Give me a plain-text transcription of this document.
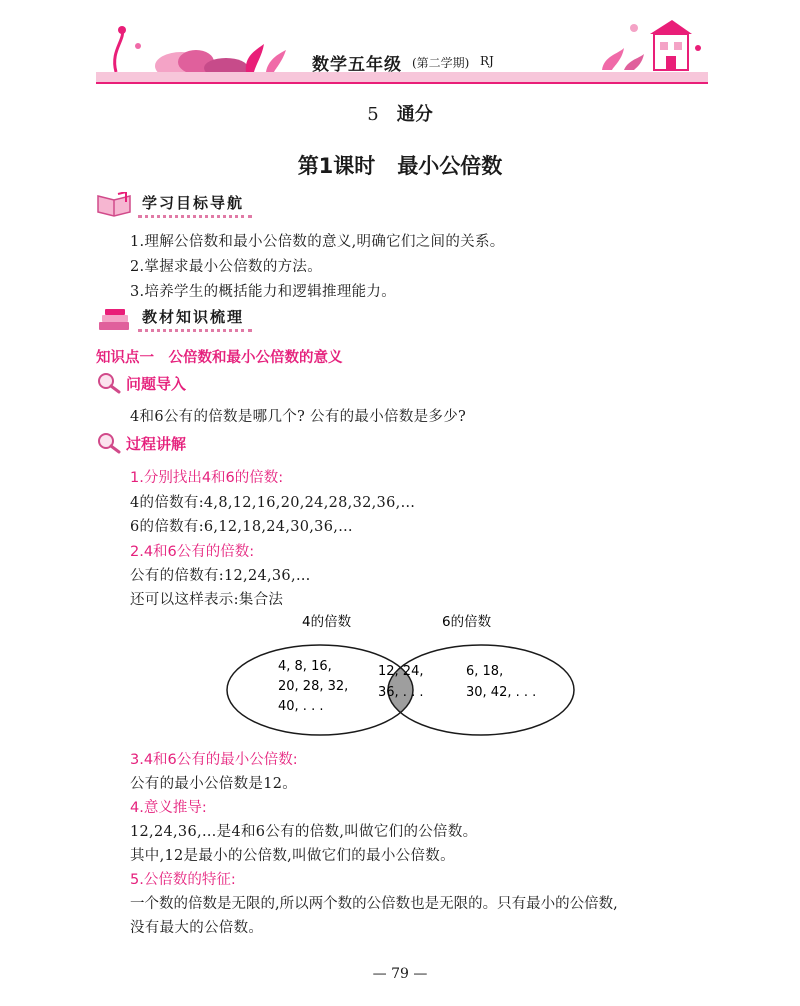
数学五年级 (第二学期) RJ
5 通分
第1课时 最小公倍数
学习目标导航
1.理解公倍数和最小公倍数的意义,明确它们之间的关系。
2.掌握求最小公倍数的方法。
3.培养学生的概括能力和逻辑推理能力。
教材知识梳理
知识点一　公倍数和最小公倍数的意义
问题导入
4和6公有的倍数是哪几个? 公有的最小倍数是多少?
过程讲解
1.分别找出4和6的倍数:
4的倍数有:4,8,12,16,20,24,28,32,36,…
6的倍数有:6,12,18,24,30,36,…
2.4和6公有的倍数:
公有的倍数有:12,24,36,…
还可以这样表示:集合法
4的倍数	6的倍数
4, 8, 16,
20, 28, 32,
40, . . .
12, 24,
36, . . .
6, 18,
30, 42, . . .
3.4和6公有的最小公倍数:
公有的最小公倍数是12。
4.意义推导:
12,24,36,…是4和6公有的倍数,叫做它们的公倍数。
其中,12是最小的公倍数,叫做它们的最小公倍数。
5.公倍数的特征:
一个数的倍数是无限的,所以两个数的公倍数也是无限的。只有最小的公倍数,
没有最大的公倍数。
— 79 —
